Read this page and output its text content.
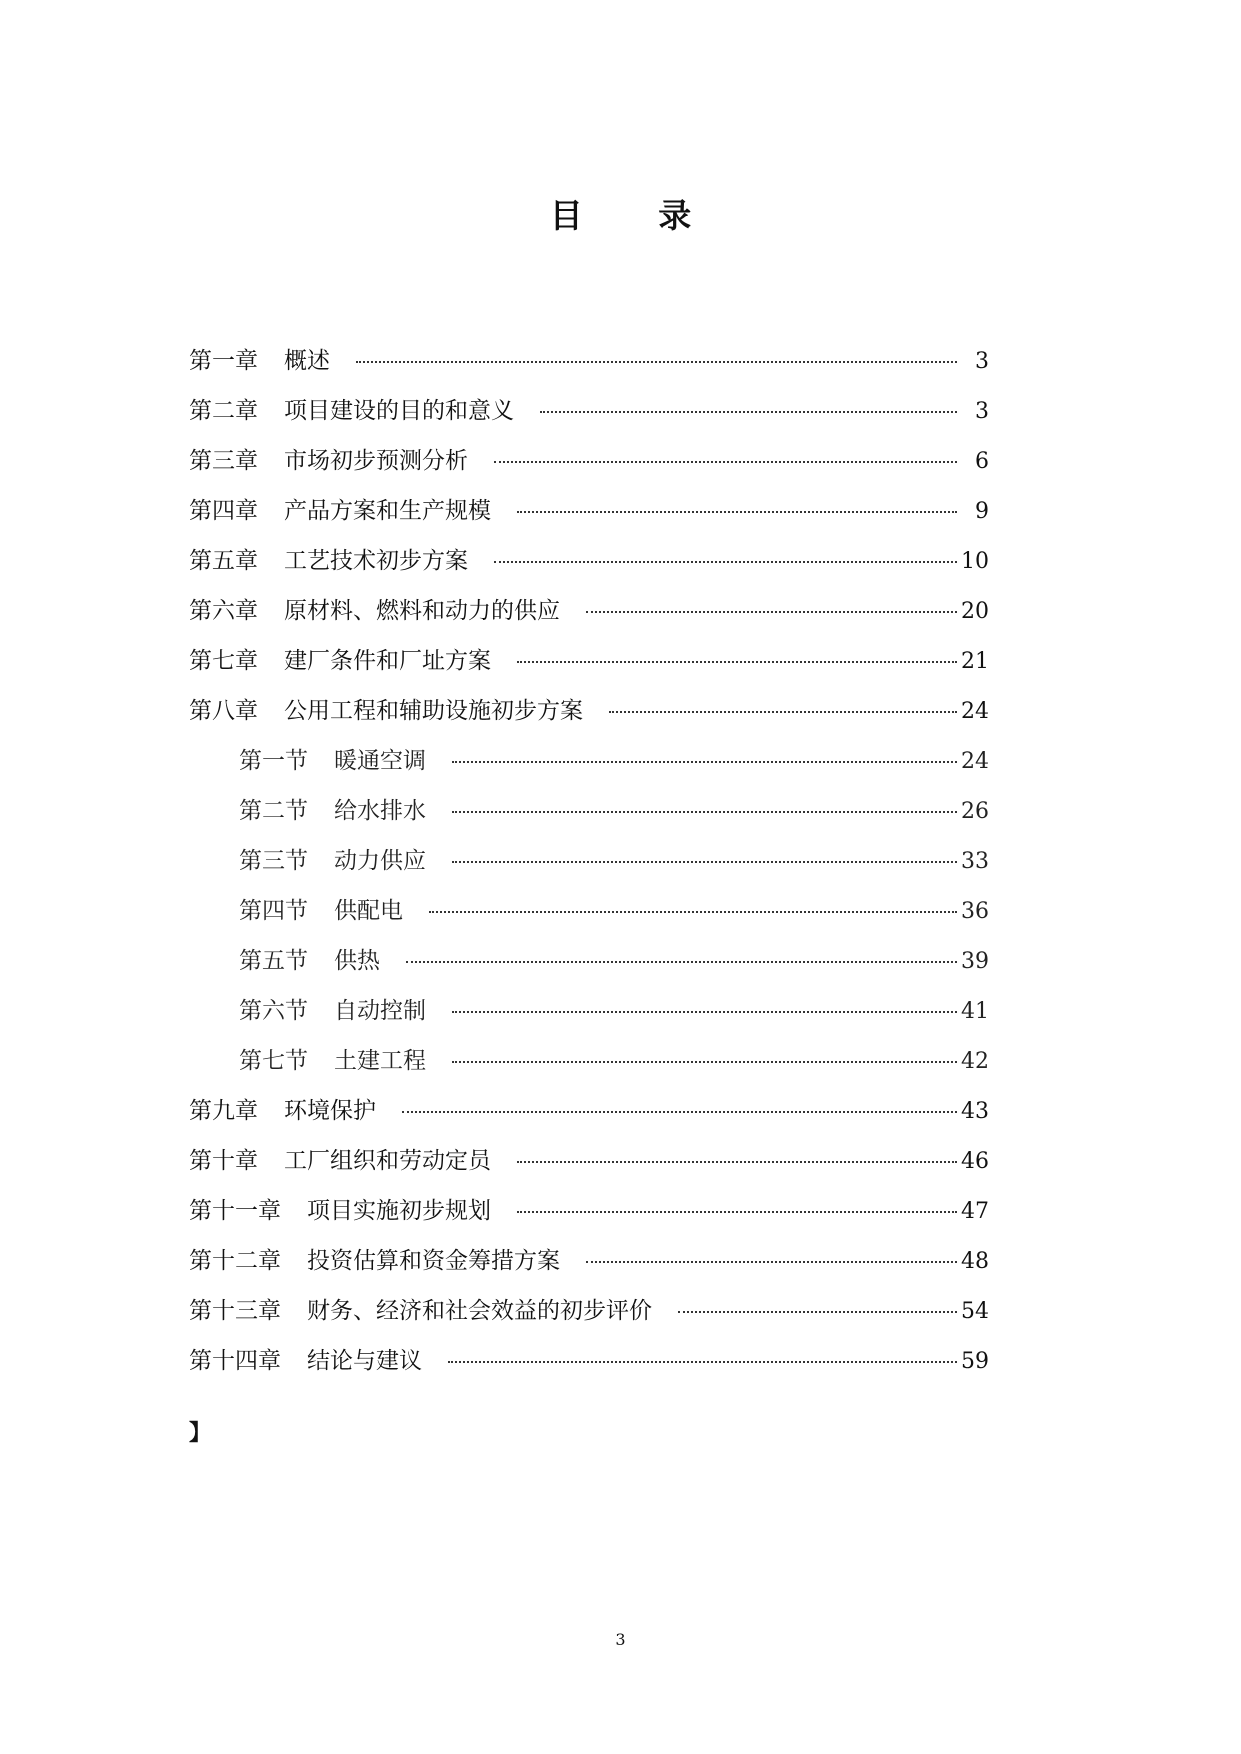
目 录
第一章 概述	3
第二章 项目建设的目的和意义	3
第三章 市场初步预测分析	6
第四章 产品方案和生产规模	9
第五章 工艺技术初步方案	10
第六章 原材料、燃料和动力的供应	20
第七章 建厂条件和厂址方案	21
第八章 公用工程和辅助设施初步方案	24
第一节 暖通空调	24
第二节 给水排水	26
第三节 动力供应	33
第四节 供配电	36
第五节 供热	39
第六节 自动控制	41
第七节 土建工程	42
第九章 环境保护	43
第十章 工厂组织和劳动定员	46
第十一章 项目实施初步规划	47
第十二章 投资估算和资金筹措方案	48
第十三章 财务、经济和社会效益的初步评价	54
第十四章 结论与建议	59
】
3
